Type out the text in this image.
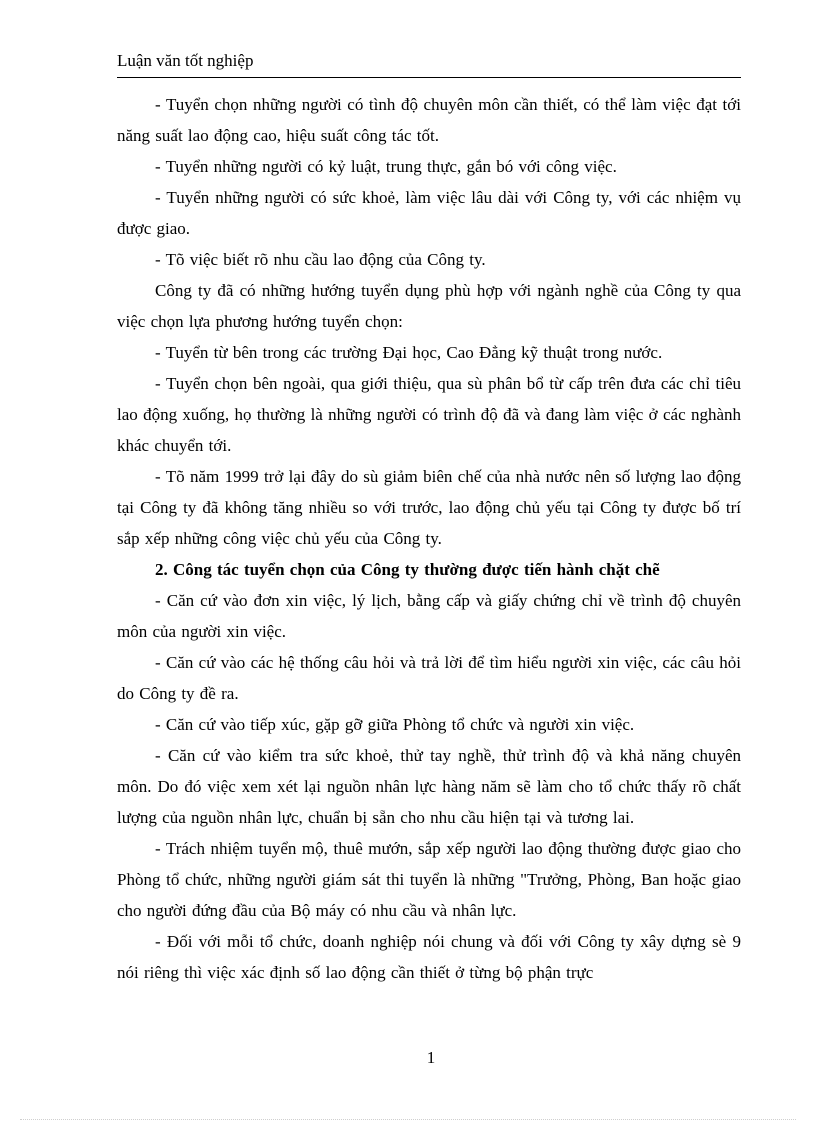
Luận văn tốt nghiệp

- Tuyển chọn những người có tình độ chuyên môn cần thiết, có thể làm việc đạt tới năng suất lao động cao, hiệu suất công tác tốt.

- Tuyển những người có kỷ luật, trung thực, gắn bó với công việc.

- Tuyển những người có sức khoẻ, làm việc lâu dài với Công ty, với các nhiệm vụ được giao.

- Tõ việc biết rõ nhu cầu lao động của Công ty.

Công ty đã có những hướng tuyển dụng phù hợp với ngành nghề của Công ty qua việc chọn lựa phương hướng tuyển chọn:

- Tuyển từ bên trong các trường Đại học, Cao Đẳng kỹ thuật trong nước.

- Tuyển chọn bên ngoài, qua giới thiệu, qua sù phân bổ từ cấp trên đưa các chỉ tiêu lao động xuống, họ thường là những người có trình độ đã và đang làm việc ở các nghành khác chuyển tới.

- Tõ năm 1999 trở lại đây do sù giảm biên chế của nhà nước nên số lượng lao động tại Công ty đã không tăng nhiều so với trước, lao động chủ yếu tại Công ty được bố trí sắp xếp những công việc chủ yếu của Công ty.

2. Công tác tuyển chọn của Công ty thường được tiến hành chặt chẽ

- Căn cứ vào đơn xin việc, lý lịch, bằng cấp và giấy chứng chỉ về trình độ chuyên môn của người xin việc.

- Căn cứ vào các hệ thống câu hỏi và trả lời để tìm hiểu người xin việc, các câu hỏi do Công ty đề ra.

- Căn cứ vào tiếp xúc, gặp gỡ giữa Phòng tổ chức và người xin việc.

- Căn cứ vào kiểm tra sức khoẻ, thử tay nghề, thử trình độ và khả năng chuyên môn. Do đó việc xem xét lại nguồn nhân lực hàng năm sẽ làm cho tổ chức thấy rõ chất lượng của nguồn nhân lực, chuẩn bị sẵn cho nhu cầu hiện tại và tương lai.

- Trách nhiệm tuyển mộ, thuê mướn, sắp xếp người lao động thường được giao cho Phòng tổ chức, những người giám sát thi tuyển là những "Trưởng, Phòng, Ban hoặc giao cho người đứng đầu của Bộ máy có nhu cầu và nhân lực.

- Đối với mỗi tổ chức, doanh nghiệp nói chung và đối với Công ty xây dựng sè 9 nói riêng thì việc xác định số lao động cần thiết ở từng bộ phận trực

1
